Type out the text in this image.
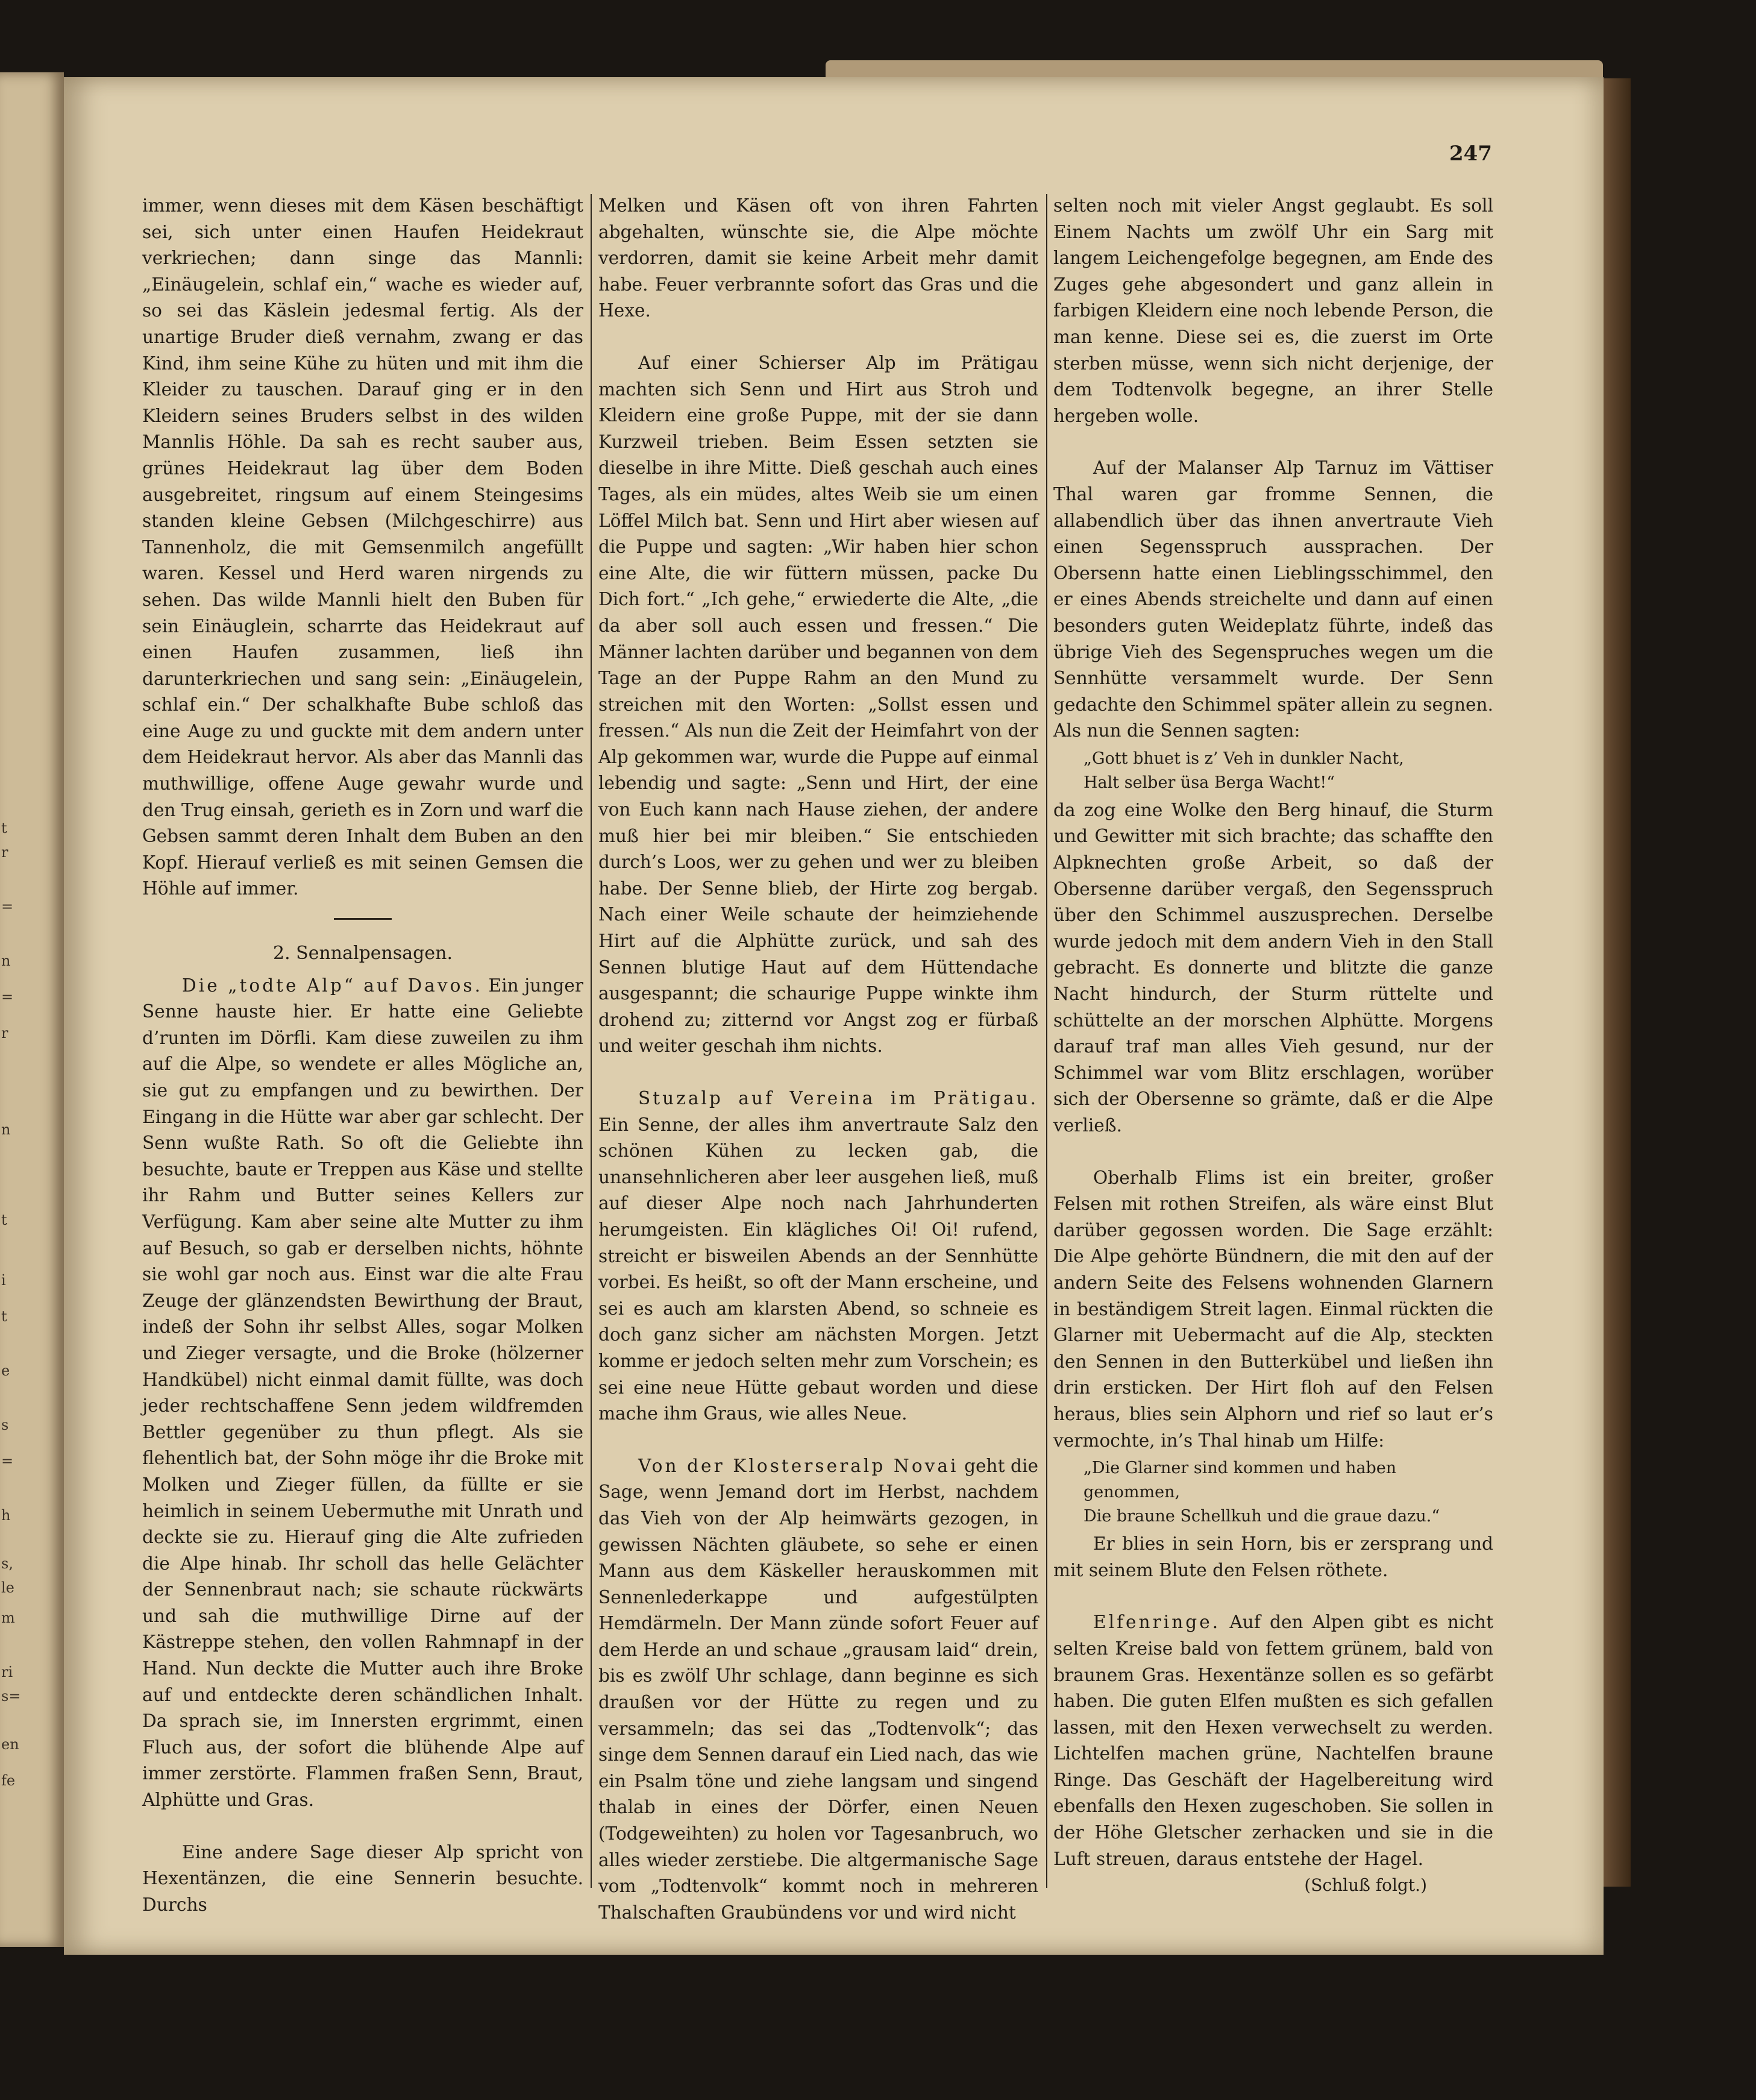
t
r
=
n
=
r
n
t
i
t
e
s
=
h
s,
le
m
ri
s=
en
fe
247

immer, wenn dieses mit dem Käsen beschäftigt sei, sich unter einen Haufen Heidekraut verkriechen; dann singe das Mannli: „Einäugelein, schlaf ein,“ wache es wieder auf, so sei das Käslein jedesmal fertig. Als der unartige Bruder dieß vernahm, zwang er das Kind, ihm seine Kühe zu hüten und mit ihm die Kleider zu tauschen. Darauf ging er in den Kleidern seines Bruders selbst in des wilden Mannlis Höhle. Da sah es recht sauber aus, grünes Heidekraut lag über dem Boden ausgebreitet, ringsum auf einem Steingesims standen kleine Gebsen (Milchgeschirre) aus Tannenholz, die mit Gemsenmilch angefüllt waren. Kessel und Herd waren nirgends zu sehen. Das wilde Mannli hielt den Buben für sein Einäuglein, scharrte das Heidekraut auf einen Haufen zusammen, ließ ihn darunterkriechen und sang sein: „Einäugelein, schlaf ein.“ Der schalkhafte Bube schloß das eine Auge zu und guckte mit dem andern unter dem Heidekraut hervor. Als aber das Mannli das muthwillige, offene Auge gewahr wurde und den Trug einsah, gerieth es in Zorn und warf die Gebsen sammt deren Inhalt dem Buben an den Kopf. Hierauf verließ es mit seinen Gemsen die Höhle auf immer.

2. Sennalpensagen.

Die „todte Alp“ auf Davos. Ein junger Senne hauste hier. Er hatte eine Geliebte d’runten im Dörfli. Kam diese zuweilen zu ihm auf die Alpe, so wendete er alles Mögliche an, sie gut zu empfangen und zu bewirthen. Der Eingang in die Hütte war aber gar schlecht. Der Senn wußte Rath. So oft die Geliebte ihn besuchte, baute er Treppen aus Käse und stellte ihr Rahm und Butter seines Kellers zur Verfügung. Kam aber seine alte Mutter zu ihm auf Besuch, so gab er derselben nichts, höhnte sie wohl gar noch aus. Einst war die alte Frau Zeuge der glänzendsten Bewirthung der Braut, indeß der Sohn ihr selbst Alles, sogar Molken und Zieger versagte, und die Broke (hölzerner Handkübel) nicht einmal damit füllte, was doch jeder rechtschaffene Senn jedem wildfremden Bettler gegenüber zu thun pflegt. Als sie flehentlich bat, der Sohn möge ihr die Broke mit Molken und Zieger füllen, da füllte er sie heimlich in seinem Uebermuthe mit Unrath und deckte sie zu. Hierauf ging die Alte zufrieden die Alpe hinab. Ihr scholl das helle Gelächter der Sennenbraut nach; sie schaute rückwärts und sah die muthwillige Dirne auf der Kästreppe stehen, den vollen Rahmnapf in der Hand. Nun deckte die Mutter auch ihre Broke auf und entdeckte deren schändlichen Inhalt. Da sprach sie, im Innersten ergrimmt, einen Fluch aus, der sofort die blühende Alpe auf immer zerstörte. Flammen fraßen Senn, Braut, Alphütte und Gras.

Eine andere Sage dieser Alp spricht von Hexentänzen, die eine Sennerin besuchte. Durchs

Melken und Käsen oft von ihren Fahrten abgehalten, wünschte sie, die Alpe möchte verdorren, damit sie keine Arbeit mehr damit habe. Feuer verbrannte sofort das Gras und die Hexe.

Auf einer Schierser Alp im Prätigau machten sich Senn und Hirt aus Stroh und Kleidern eine große Puppe, mit der sie dann Kurzweil trieben. Beim Essen setzten sie dieselbe in ihre Mitte. Dieß geschah auch eines Tages, als ein müdes, altes Weib sie um einen Löffel Milch bat. Senn und Hirt aber wiesen auf die Puppe und sagten: „Wir haben hier schon eine Alte, die wir füttern müssen, packe Du Dich fort.“ „Ich gehe,“ erwiederte die Alte, „die da aber soll auch essen und fressen.“ Die Männer lachten darüber und begannen von dem Tage an der Puppe Rahm an den Mund zu streichen mit den Worten: „Sollst essen und fressen.“ Als nun die Zeit der Heimfahrt von der Alp gekommen war, wurde die Puppe auf einmal lebendig und sagte: „Senn und Hirt, der eine von Euch kann nach Hause ziehen, der andere muß hier bei mir bleiben.“ Sie entschieden durch’s Loos, wer zu gehen und wer zu bleiben habe. Der Senne blieb, der Hirte zog bergab. Nach einer Weile schaute der heimziehende Hirt auf die Alphütte zurück, und sah des Sennen blutige Haut auf dem Hüttendache ausgespannt; die schaurige Puppe winkte ihm drohend zu; zitternd vor Angst zog er fürbaß und weiter geschah ihm nichts.

Stuzalp auf Vereina im Prätigau. Ein Senne, der alles ihm anvertraute Salz den schönen Kühen zu lecken gab, die unansehnlicheren aber leer ausgehen ließ, muß auf dieser Alpe noch nach Jahrhunderten herumgeisten. Ein klägliches Oi! Oi! rufend, streicht er bisweilen Abends an der Sennhütte vorbei. Es heißt, so oft der Mann erscheine, und sei es auch am klarsten Abend, so schneie es doch ganz sicher am nächsten Morgen. Jetzt komme er jedoch selten mehr zum Vorschein; es sei eine neue Hütte gebaut worden und diese mache ihm Graus, wie alles Neue.

Von der Klosterseralp Novai geht die Sage, wenn Jemand dort im Herbst, nachdem das Vieh von der Alp heimwärts gezogen, in gewissen Nächten gläubete, so sehe er einen Mann aus dem Käskeller herauskommen mit Sennenlederkappe und aufgestülpten Hemdärmeln. Der Mann zünde sofort Feuer auf dem Herde an und schaue „grausam laid“ drein, bis es zwölf Uhr schlage, dann beginne es sich draußen vor der Hütte zu regen und zu versammeln; das sei das „Todtenvolk“; das singe dem Sennen darauf ein Lied nach, das wie ein Psalm töne und ziehe langsam und singend thalab in eines der Dörfer, einen Neuen (Todgeweihten) zu holen vor Tagesanbruch, wo alles wieder zerstiebe. Die altgermanische Sage vom „Todtenvolk“ kommt noch in mehreren Thalschaften Graubündens vor und wird nicht

selten noch mit vieler Angst geglaubt. Es soll Einem Nachts um zwölf Uhr ein Sarg mit langem Leichengefolge begegnen, am Ende des Zuges gehe abgesondert und ganz allein in farbigen Kleidern eine noch lebende Person, die man kenne. Diese sei es, die zuerst im Orte sterben müsse, wenn sich nicht derjenige, der dem Todtenvolk begegne, an ihrer Stelle hergeben wolle.

Auf der Malanser Alp Tarnuz im Vättiser Thal waren gar fromme Sennen, die allabendlich über das ihnen anvertraute Vieh einen Segensspruch aussprachen. Der Obersenn hatte einen Lieblingsschimmel, den er eines Abends streichelte und dann auf einen besonders guten Weideplatz führte, indeß das übrige Vieh des Segenspruches wegen um die Sennhütte versammelt wurde. Der Senn gedachte den Schimmel später allein zu segnen. Als nun die Sennen sagten:

„Gott bhuet is z’ Veh in dunkler Nacht,
Halt selber üsa Berga Wacht!“

da zog eine Wolke den Berg hinauf, die Sturm und Gewitter mit sich brachte; das schaffte den Alpknechten große Arbeit, so daß der Obersenne darüber vergaß, den Segensspruch über den Schimmel auszusprechen. Derselbe wurde jedoch mit dem andern Vieh in den Stall gebracht. Es donnerte und blitzte die ganze Nacht hindurch, der Sturm rüttelte und schüttelte an der morschen Alphütte. Morgens darauf traf man alles Vieh gesund, nur der Schimmel war vom Blitz erschlagen, worüber sich der Obersenne so grämte, daß er die Alpe verließ.

Oberhalb Flims ist ein breiter, großer Felsen mit rothen Streifen, als wäre einst Blut darüber gegossen worden. Die Sage erzählt: Die Alpe gehörte Bündnern, die mit den auf der andern Seite des Felsens wohnenden Glarnern in beständigem Streit lagen. Einmal rückten die Glarner mit Uebermacht auf die Alp, steckten den Sennen in den Butterkübel und ließen ihn drin ersticken. Der Hirt floh auf den Felsen heraus, blies sein Alphorn und rief so laut er’s vermochte, in’s Thal hinab um Hilfe:

„Die Glarner sind kommen und haben genommen,
Die braune Schellkuh und die graue dazu.“

Er blies in sein Horn, bis er zersprang und mit seinem Blute den Felsen röthete.

Elfenringe. Auf den Alpen gibt es nicht selten Kreise bald von fettem grünem, bald von braunem Gras. Hexentänze sollen es so gefärbt haben. Die guten Elfen mußten es sich gefallen lassen, mit den Hexen verwechselt zu werden. Lichtelfen machen grüne, Nachtelfen braune Ringe. Das Geschäft der Hagelbereitung wird ebenfalls den Hexen zugeschoben. Sie sollen in der Höhe Gletscher zerhacken und sie in die Luft streuen, daraus entstehe der Hagel.

(Schluß folgt.)
